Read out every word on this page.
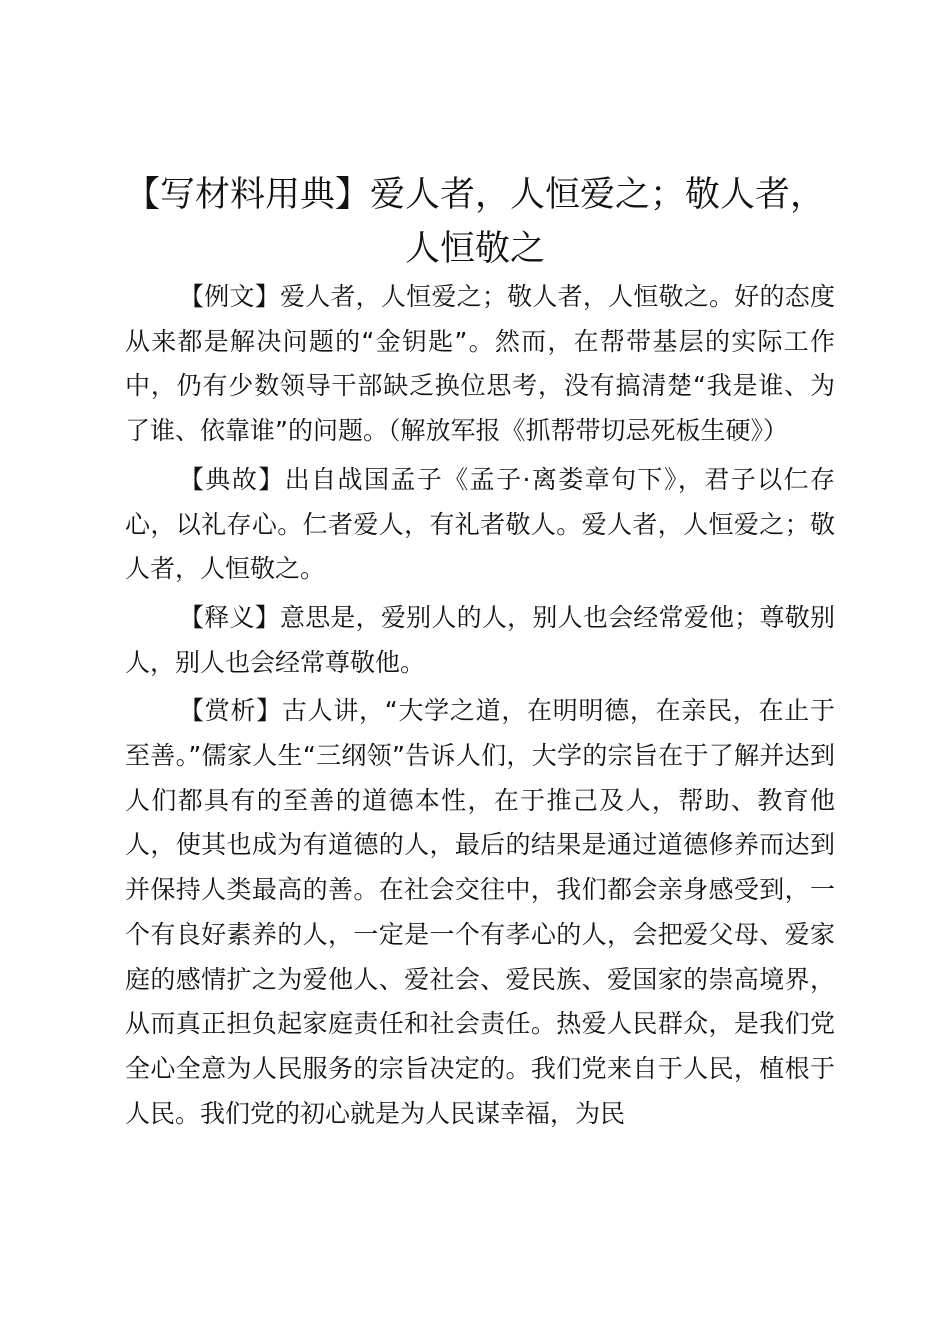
【写材料用典】爱人者，人恒爱之；敬人者，人恒敬之

【例文】爱人者，人恒爱之；敬人者，人恒敬之。好的态度从来都是解决问题的“金钥匙”。然而，在帮带基层的实际工作中，仍有少数领导干部缺乏换位思考，没有搞清楚“我是谁、为了谁、依靠谁”的问题。（解放军报《抓帮带切忌死板生硬》）

【典故】出自战国孟子《孟子·离娄章句下》，君子以仁存心，以礼存心。仁者爱人，有礼者敬人。爱人者，人恒爱之；敬人者，人恒敬之。

【释义】意思是，爱别人的人，别人也会经常爱他；尊敬别人，别人也会经常尊敬他。

【赏析】古人讲，“大学之道，在明明德，在亲民，在止于至善。”儒家人生“三纲领”告诉人们，大学的宗旨在于了解并达到人们都具有的至善的道德本性，在于推己及人，帮助、教育他人，使其也成为有道德的人，最后的结果是通过道德修养而达到并保持人类最高的善。在社会交往中，我们都会亲身感受到，一个有良好素养的人，一定是一个有孝心的人，会把爱父母、爱家庭的感情扩之为爱他人、爱社会、爱民族、爱国家的崇高境界，从而真正担负起家庭责任和社会责任。热爱人民群众，是我们党全心全意为人民服务的宗旨决定的。我们党来自于人民，植根于人民。我们党的初心就是为人民谋幸福，为民
